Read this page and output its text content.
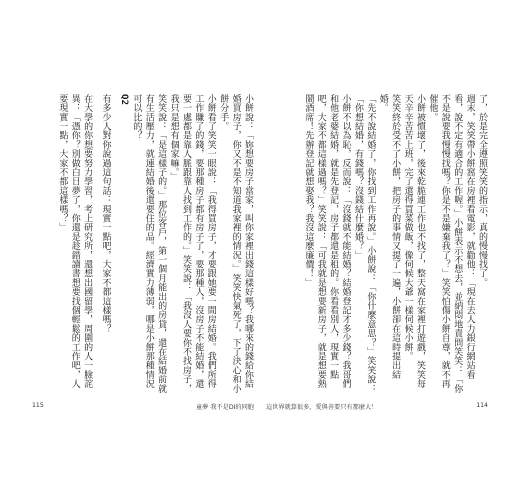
小餅說：「妳想要房子當家，叫你家裡出錢這樣好嗎？我哪來的錢給你結婚買房子，你又不是不知道我家裡的情況。」笑笑快氣死了，下了決心和小餅分手。

小餅看了笑笑一眼說：「我得買房子，才要跟她要一間房結婚。我們所得工作賺了的錢，要那種房子都有房子了，要那種人，沒房子不能結婚，還要一處都是靠人脈跟靠人找到工作的。」笑笑說：「我沒人要你不找房子，我只是想有個家嘛。」

笑笑說：「是這樣子的。」那位客戶，第一個月能出的房貸，還在結婚前就有生活壓力，就連結婚後還要住的品。經濟實力薄弱，哪是小餅那種情況可以比的？

Q2

有多少人對你說過這句話：現實一點吧，大家不都這樣嗎？

在大學的你想要努力學習，考上研究所，還想出國留學，周圍的人一臉詫異：「憑你？別做白日夢了，你還是趁錯讀書想要找個輕鬆的工作吧，人要現實一點，大家不都這樣嗎？」

115	童夢 我不是DI的同胞

了，於是完全遵照笑笑的指示，真的慢慢找了。

週末，笑笑帶小餅窩在房裡看電影，就勸他：「現在去人力銀行網站看看，說不定有適合的工作喔。」小餅表示不想去，並納悶地責問笑笑：「你不是說要我慢慢找嗎？你是不是嫌棄我了？」笑笑怕傷小餅自尊，就不再催他。

小餅被慣壞了，後來乾脆連工作也不找了，整天窩在家裡打遊戲，笑笑每天辛辛苦苦上班，完了還得買菜做飯，像伺候大爺一樣伺候小餅。

笑笑終於受不了小餅，把房子的事情又提了一遍，小餅卻在這時提出結婚。

「先不說結婚了，你找到工作再說。」小餅說：「你什麼意思？」笑笑說：「你想結婚，有錢嗎？沒錢結什麼婚？」

小餅不以為恥，反而說：「沒錢就不能結婚？結婚登記才多少錢？我哥們和他老婆結婚，就是先登記，房子都還是租的。你看看別人，現實一點吧，大家不都這樣過嗎？」笑笑說：「可我就是想要新房子，就是想要熱鬧酒席！先辦登記就想娶我？我沒這麼廉價！」

這世界就算很多，愛與善要只有那麼大！	114
